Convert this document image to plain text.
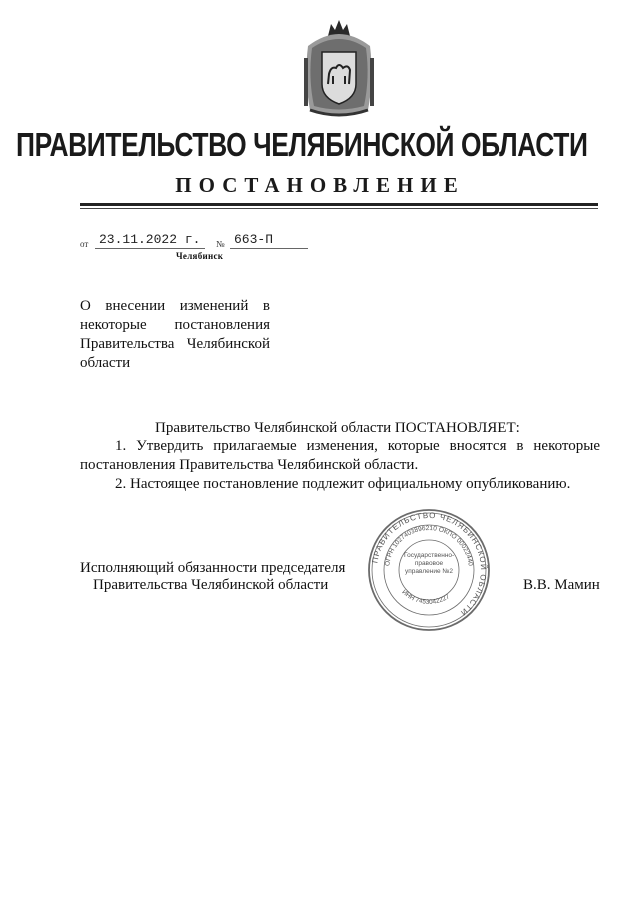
ПРАВИТЕЛЬСТВО ЧЕЛЯБИНСКОЙ ОБЛАСТИ
ПОСТАНОВЛЕНИЕ
от 23.11.2022 г. № 663-П
Челябинск
О внесении изменений в некоторые постановления Правительства Челябинской области
Правительство Челябинской области ПОСТАНОВЛЯЕТ:
1. Утвердить прилагаемые изменения, которые вносятся в некоторые постановления Правительства Челябинской области.
2. Настоящее постановление подлежит официальному опубликованию.
Исполняющий обязанности председателя
Правительства Челябинской области	В.В. Мамин
ПРАВИТЕЛЬСТВО ЧЕЛЯБИНСКОЙ ОБЛАСТИ
ОГРН 1027403896210 ОКПО 00022440
ИНН 7453042227
Государственно-правовое управление №2
